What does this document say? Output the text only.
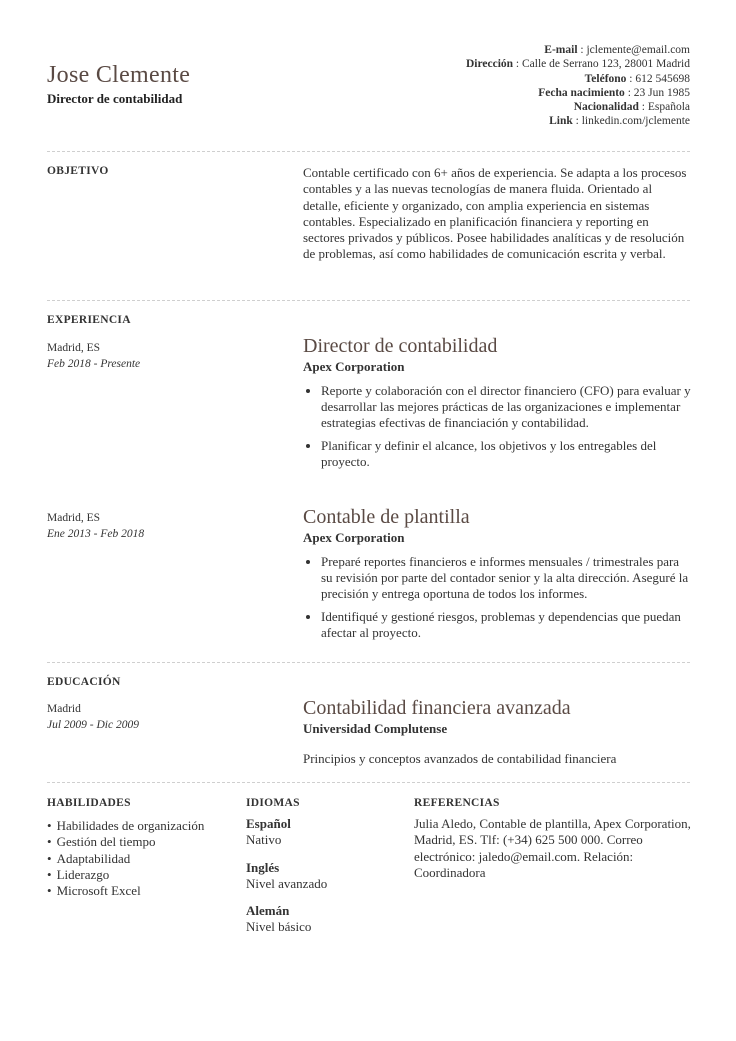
Jose Clemente
Director de contabilidad
E-mail : jclemente@email.com
Dirección : Calle de Serrano 123, 28001 Madrid
Teléfono : 612 545698
Fecha nacimiento : 23 Jun 1985
Nacionalidad : Española
Link : linkedin.com/jclemente
OBJETIVO	Contable certificado con 6+ años de experiencia. Se adapta a los procesos contables y a las nuevas tecnologías de manera fluida. Orientado al detalle, eficiente y organizado, con amplia experiencia en sistemas contables. Especializado en planificación financiera y reporting en sectores privados y públicos. Posee habilidades analíticas y de resolución de problemas, así como habilidades de comunicación escrita y verbal.
EXPERIENCIA
Madrid, ES
Feb 2018 - Presente
Director de contabilidad
Apex Corporation
• Reporte y colaboración con el director financiero (CFO) para evaluar y desarrollar las mejores prácticas de las organizaciones e implementar estrategias efectivas de financiación y contabilidad.
• Planificar y definir el alcance, los objetivos y los entregables del proyecto.
Madrid, ES
Ene 2013 - Feb 2018
Contable de plantilla
Apex Corporation
• Preparé reportes financieros e informes mensuales / trimestrales para su revisión por parte del contador senior y la alta dirección. Aseguré la precisión y entrega oportuna de todos los informes.
• Identifiqué y gestioné riesgos, problemas y dependencias que puedan afectar al proyecto.
EDUCACIÓN
Madrid
Jul 2009 - Dic 2009
Contabilidad financiera avanzada
Universidad Complutense
Principios y conceptos avanzados de contabilidad financiera
HABILIDADES
• Habilidades de organización
• Gestión del tiempo
• Adaptabilidad
• Liderazgo
• Microsoft Excel
IDIOMAS
Español
Nativo
Inglés
Nivel avanzado
Alemán
Nivel básico
REFERENCIAS
Julia Aledo, Contable de plantilla, Apex Corporation, Madrid, ES. Tlf: (+34) 625 500 000. Correo electrónico: jaledo@email.com. Relación: Coordinadora
